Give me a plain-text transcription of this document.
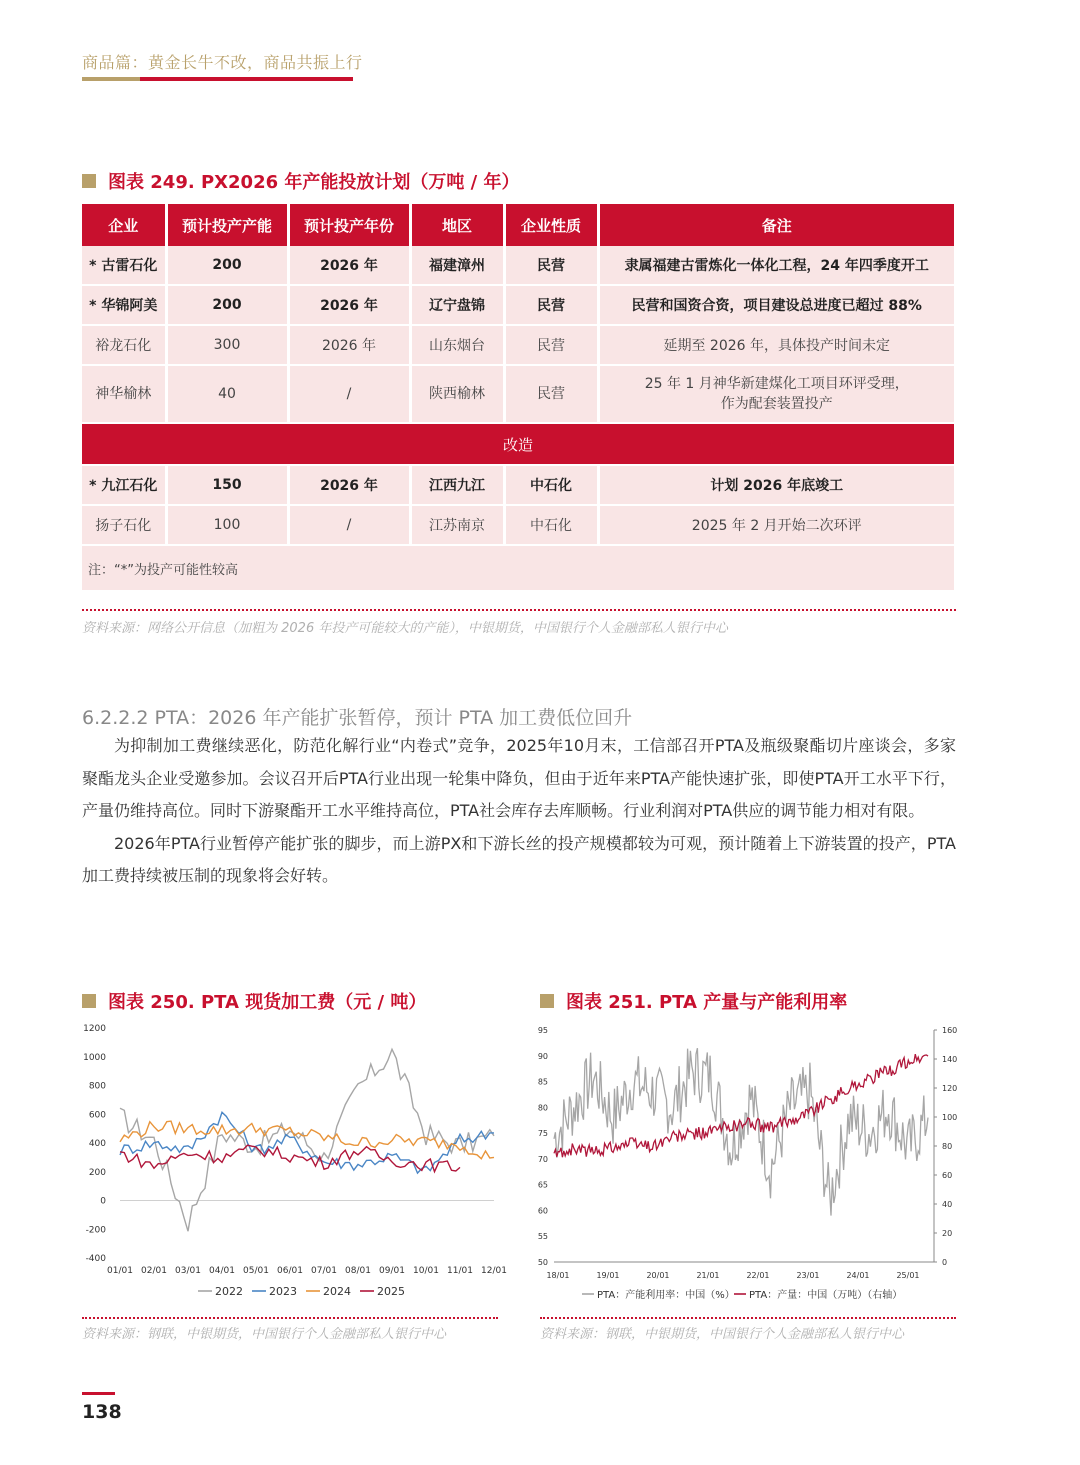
商品篇：黄金长牛不改，商品共振上行
图表 249. PX2026 年产能投放计划（万吨 / 年）
企业	预计投产产能	预计投产年份	地区	企业性质	备注
* 古雷石化	200	2026 年	福建漳州	民营	隶属福建古雷炼化一体化工程，24 年四季度开工
* 华锦阿美	200	2026 年	辽宁盘锦	民营	民营和国资合资，项目建设总进度已超过 88%
裕龙石化	300	2026 年	山东烟台	民营	延期至 2026 年，具体投产时间未定
神华榆林	40	/	陕西榆林	民营	25 年 1 月神华新建煤化工项目环评受理，作为配套装置投产
改造					
* 九江石化	150	2026 年	江西九江	中石化	计划 2026 年底竣工
扬子石化	100	/	江苏南京	中石化	2025 年 2 月开始二次环评
注：“*”为投产可能性较高					
资料来源：网络公开信息（加粗为 2026 年投产可能较大的产能），中银期货，中国银行个人金融部私人银行中心
6.2.2.2 PTA：2026 年产能扩张暂停，预计 PTA 加工费低位回升

为抑制加工费继续恶化，防范化解行业“内卷式”竞争，2025年10月末，工信部召开PTA及瓶级聚酯切片座谈会，多家聚酯龙头企业受邀参加。会议召开后PTA行业出现一轮集中降负，但由于近年来PTA产能快速扩张，即使PTA开工水平下行，产量仍维持高位。同时下游聚酯开工水平维持高位，PTA社会库存去库顺畅。行业利润对PTA供应的调节能力相对有限。

2026年PTA行业暂停产能扩张的脚步，而上游PX和下游长丝的投产规模都较为可观，预计随着上下游装置的投产，PTA加工费持续被压制的现象将会好转。

图表 250. PTA 现货加工费（元 / 吨）
-400
-200
0
200
400
600
800
1000
1200
01/01 02/01 03/01 04/01 05/01 06/01 07/01 08/01 09/01 10/01 11/01 12/01
2022 2023 2024 2025
资料来源：钢联，中银期货，中国银行个人金融部私人银行中心
图表 251. PTA 产量与产能利用率
50
55
60
65
70
75
80
85
90
95
0
20
40
60
80
100
120
140
160
18/01	19/01	20/01	21/01	22/01	23/01	24/01	25/01
PTA：产能利用率：中国（%） PTA：产量：中国（万吨）（右轴）
资料来源：钢联，中银期货，中国银行个人金融部私人银行中心
138
